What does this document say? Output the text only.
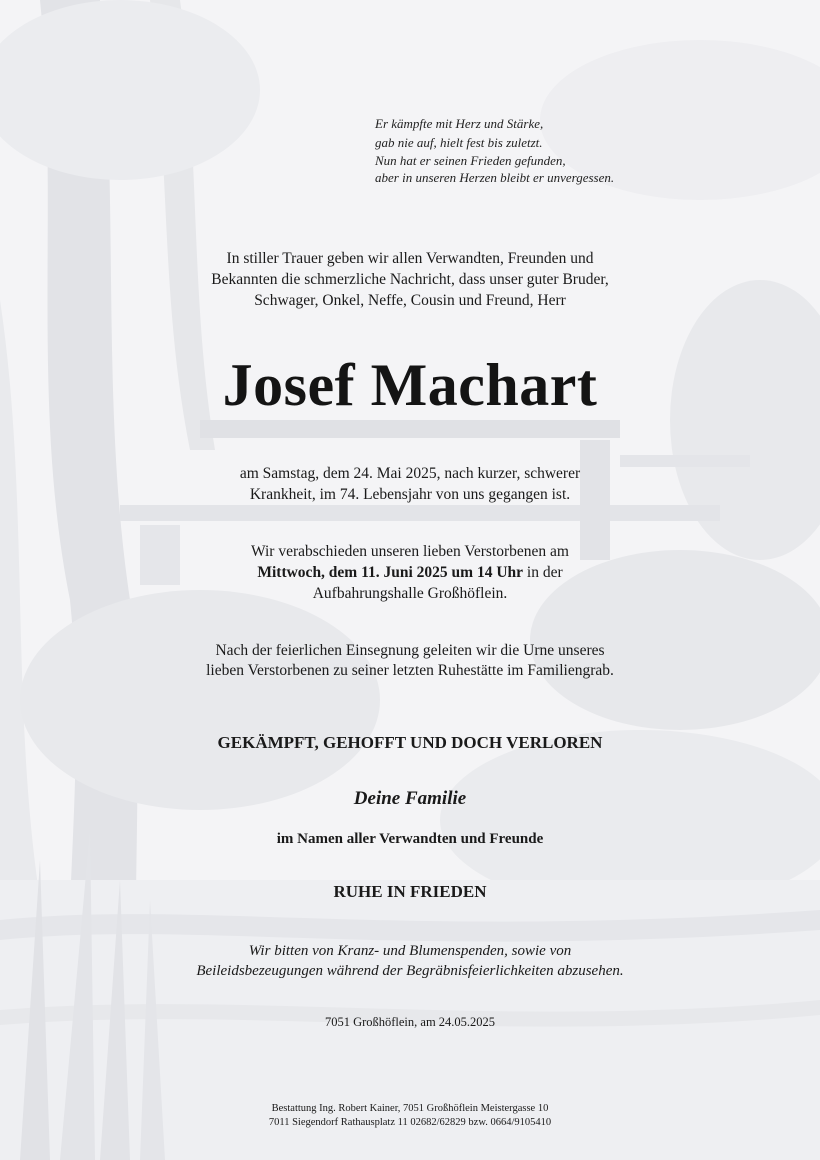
Er kämpfte mit Herz und Stärke,
gab nie auf, hielt fest bis zuletzt.
Nun hat er seinen Frieden gefunden,
aber in unseren Herzen bleibt er unvergessen.
In stiller Trauer geben wir allen Verwandten, Freunden und
Bekannten die schmerzliche Nachricht, dass unser guter Bruder,
Schwager, Onkel, Neffe, Cousin und Freund, Herr
Josef Machart
am Samstag, dem 24. Mai 2025, nach kurzer, schwerer
Krankheit, im 74. Lebensjahr von uns gegangen ist.
Wir verabschieden unseren lieben Verstorbenen am
Mittwoch, dem 11. Juni 2025 um 14 Uhr in der
Aufbahrungshalle Großhöflein.
Nach der feierlichen Einsegnung geleiten wir die Urne unseres
lieben Verstorbenen zu seiner letzten Ruhestätte im Familiengrab.
GEKÄMPFT, GEHOFFT UND DOCH VERLOREN
Deine Familie
im Namen aller Verwandten und Freunde
RUHE IN FRIEDEN
Wir bitten von Kranz- und Blumenspenden, sowie von
Beileidsbezeugungen während der Begräbnisfeierlichkeiten abzusehen.
7051 Großhöflein, am 24.05.2025
Bestattung Ing. Robert Kainer, 7051 Großhöflein Meistergasse 10
7011 Siegendorf Rathausplatz 11 02682/62829 bzw. 0664/9105410
